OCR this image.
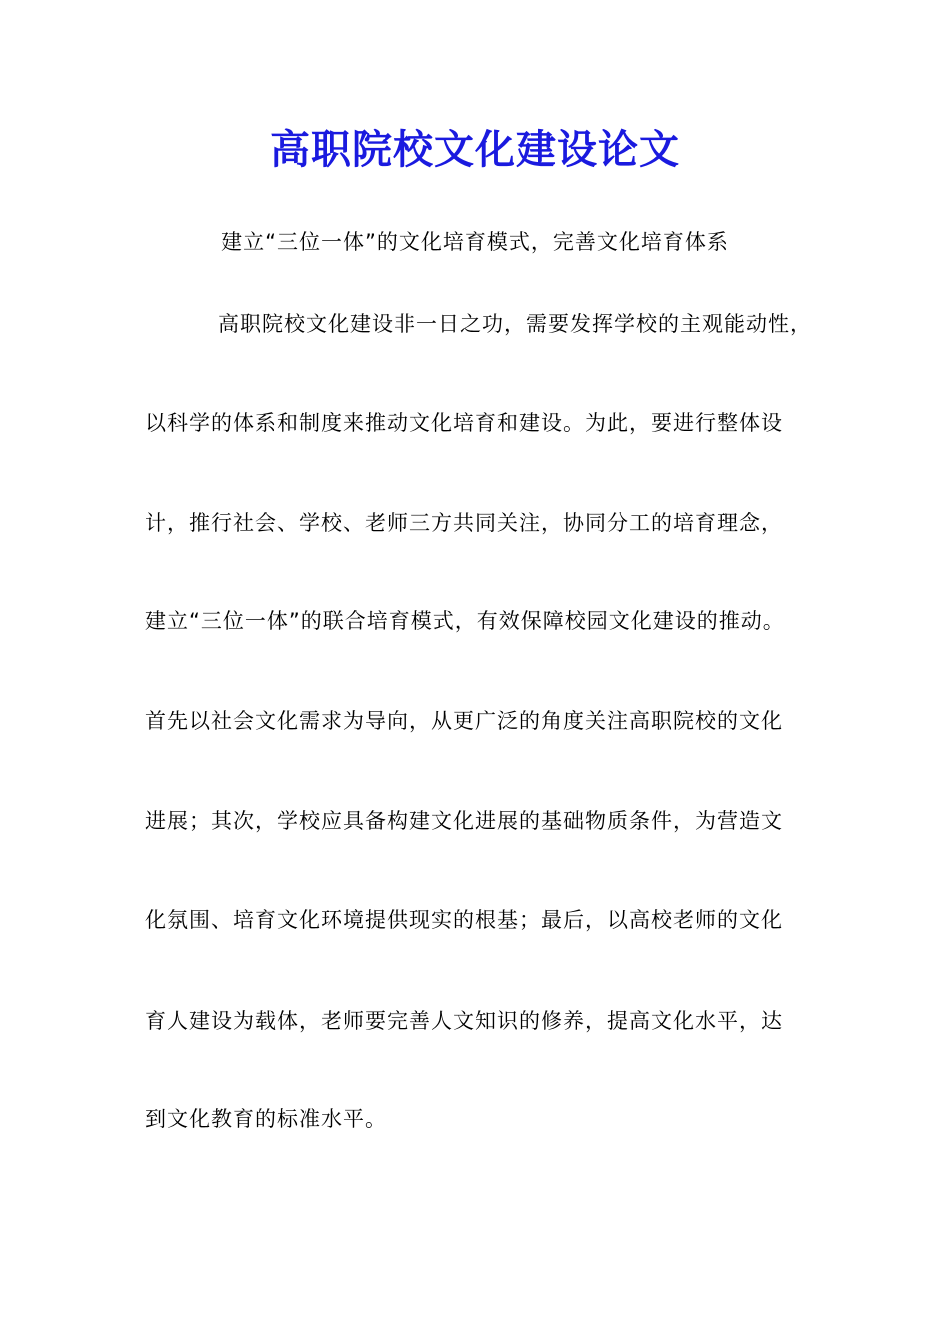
高职院校文化建设论文
建立“三位一体”的文化培育模式，完善文化培育体系
高职院校文化建设非一日之功，需要发挥学校的主观能动性，
以科学的体系和制度来推动文化培育和建设。为此，要进行整体设
计，推行社会、学校、老师三方共同关注，协同分工的培育理念，
建立“三位一体”的联合培育模式，有效保障校园文化建设的推动。
首先以社会文化需求为导向，从更广泛的角度关注高职院校的文化
进展；其次，学校应具备构建文化进展的基础物质条件，为营造文
化氛围、培育文化环境提供现实的根基；最后，以高校老师的文化
育人建设为载体，老师要完善人文知识的修养，提高文化水平，达
到文化教育的标准水平。
